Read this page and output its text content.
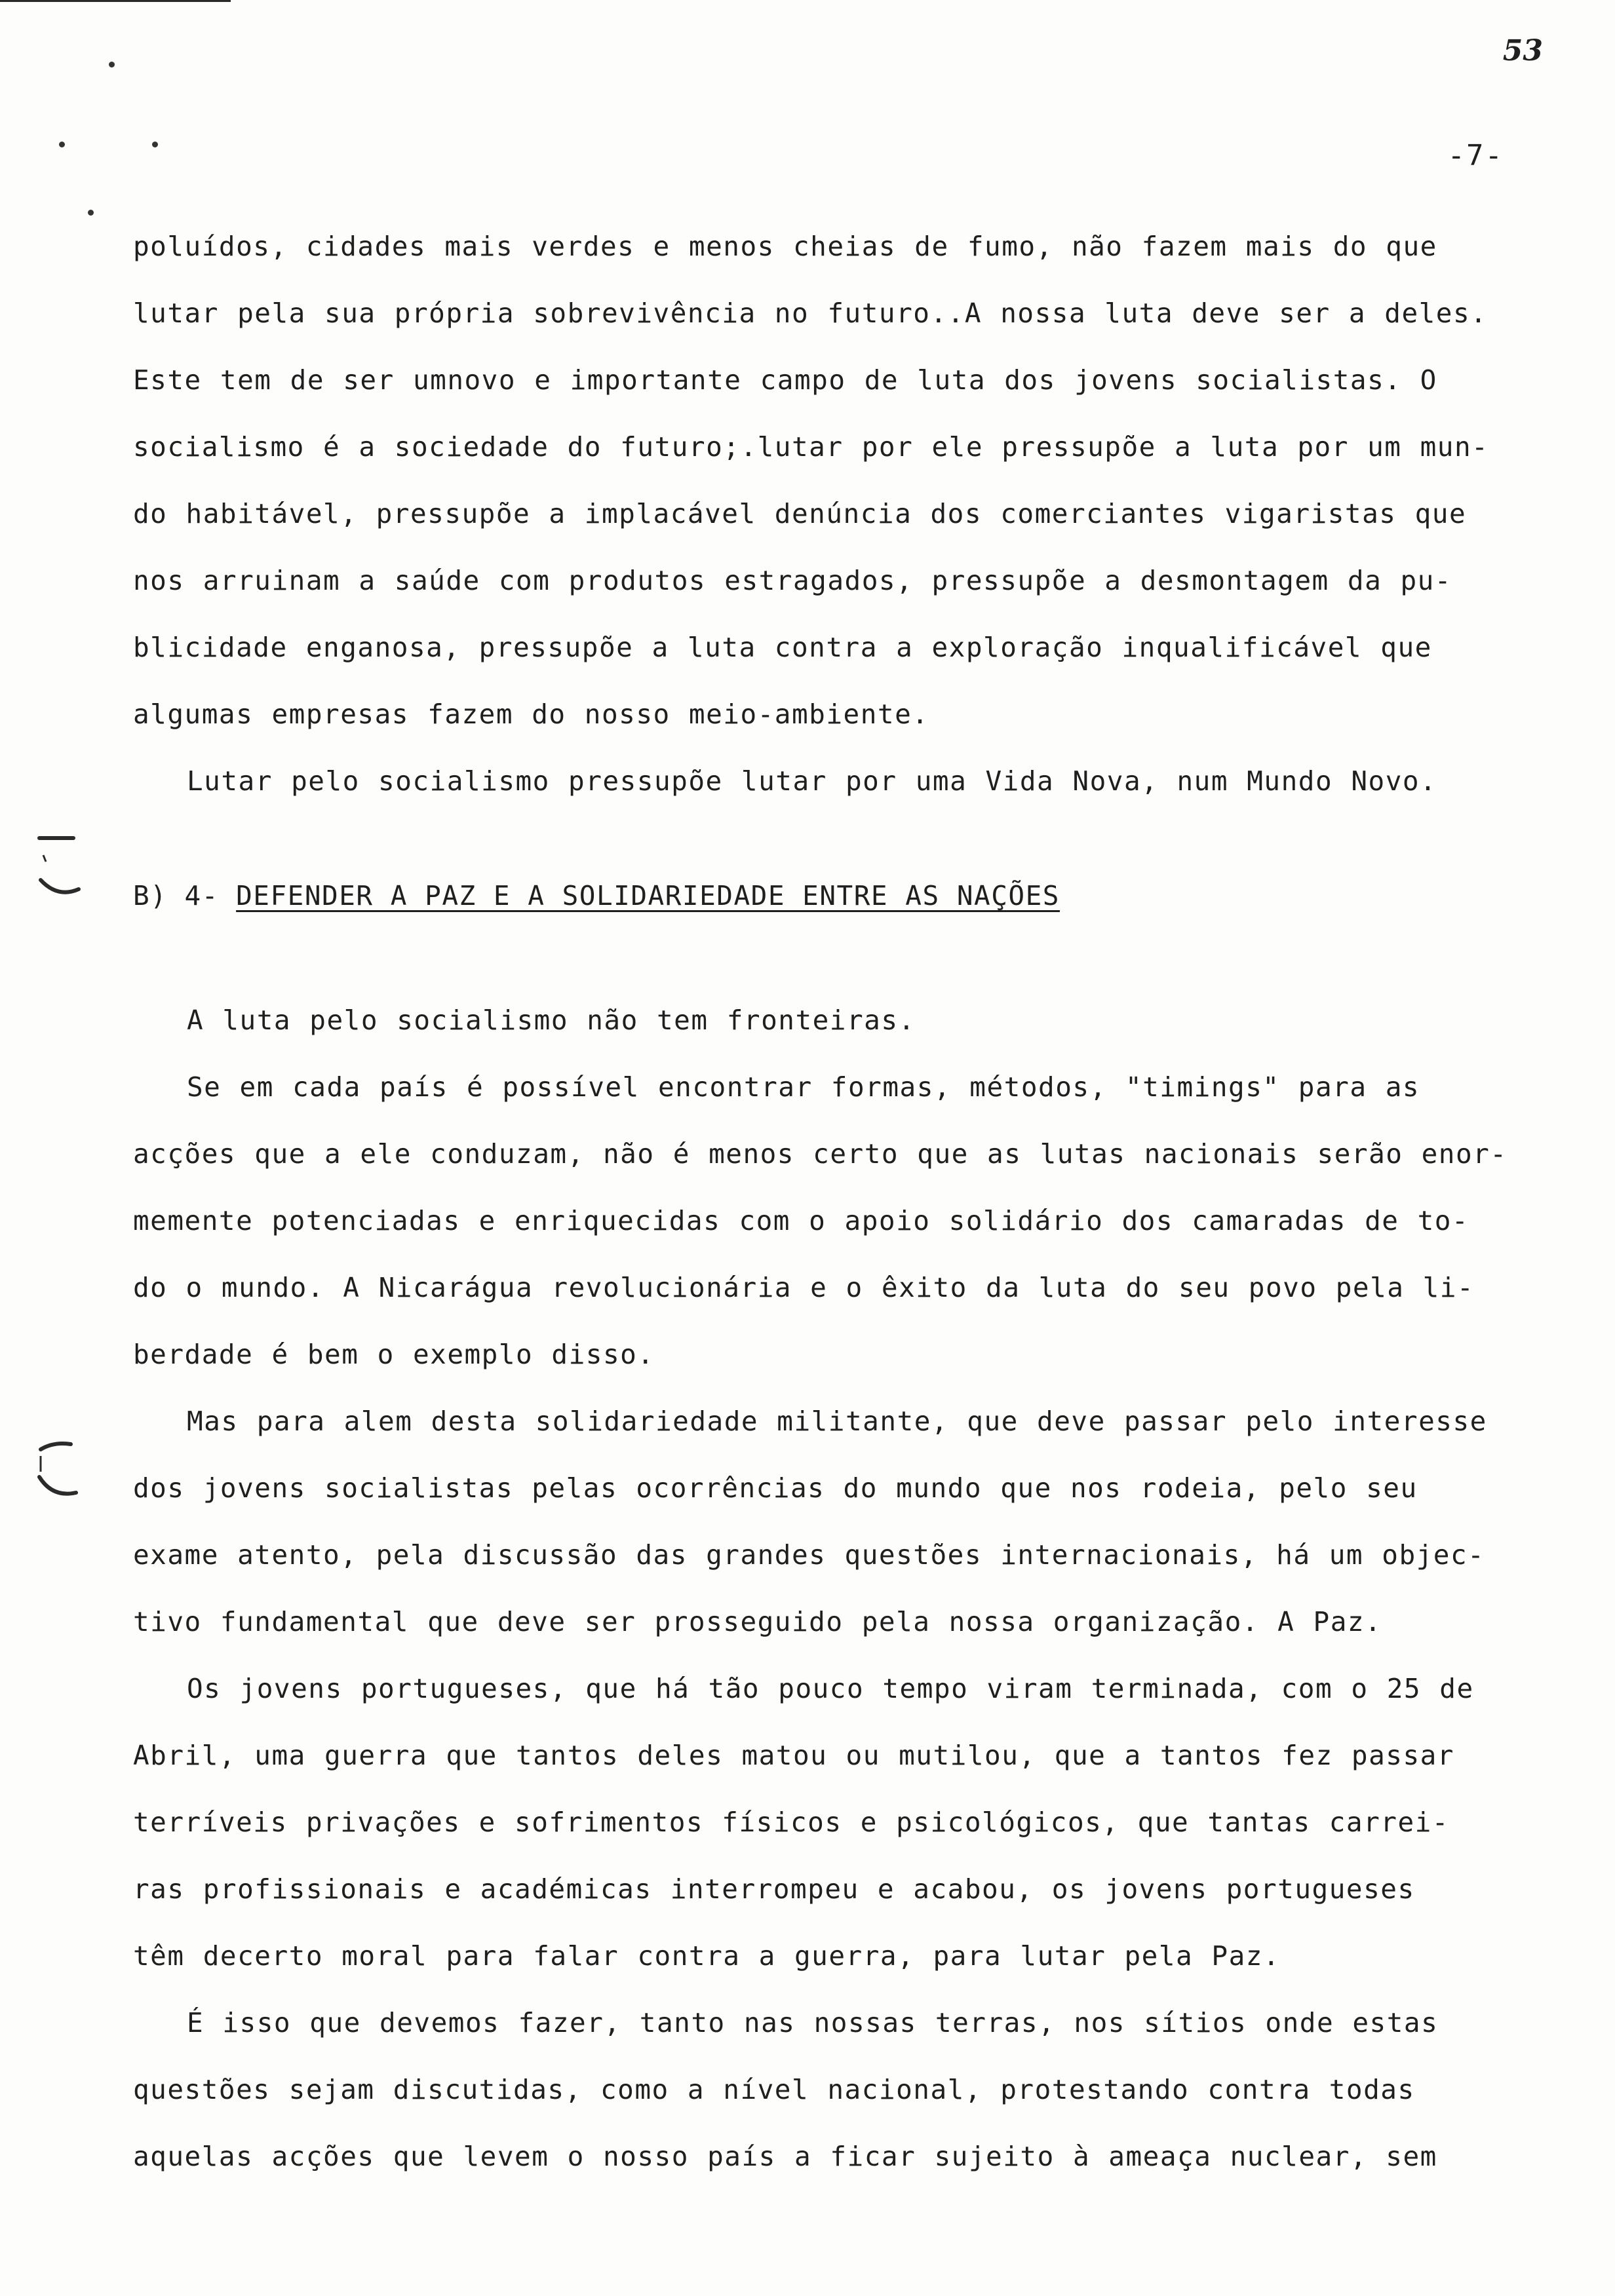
53
-7-
poluídos, cidades mais verdes e menos cheias de fumo, não fazem mais do que
lutar pela sua própria sobrevivência no futuro..A nossa luta deve ser a deles.
Este tem de ser umnovo e importante campo de luta dos jovens socialistas. O
socialismo é a sociedade do futuro;.lutar por ele pressupõe a luta por um mun-
do habitável, pressupõe a implacável denúncia dos comerciantes vigaristas que
nos arruinam a saúde com produtos estragados, pressupõe a desmontagem da pu-
blicidade enganosa, pressupõe a luta contra a exploração inqualificável que
algumas empresas fazem do nosso meio-ambiente.
Lutar pelo socialismo pressupõe lutar por uma Vida Nova, num Mundo Novo.
B) 4- DEFENDER A PAZ E A SOLIDARIEDADE ENTRE AS NAÇÕES
A luta pelo socialismo não tem fronteiras.
Se em cada país é possível encontrar formas, métodos, "timings" para as
acções que a ele conduzam, não é menos certo que as lutas nacionais serão enor-
memente potenciadas e enriquecidas com o apoio solidário dos camaradas de to-
do o mundo. A Nicarágua revolucionária e o êxito da luta do seu povo pela li-
berdade é bem o exemplo disso.
Mas para alem desta solidariedade militante, que deve passar pelo interesse
dos jovens socialistas pelas ocorrências do mundo que nos rodeia, pelo seu
exame atento, pela discussão das grandes questões internacionais, há um objec-
tivo fundamental que deve ser prosseguido pela nossa organização. A Paz.
Os jovens portugueses, que há tão pouco tempo viram terminada, com o 25 de
Abril, uma guerra que tantos deles matou ou mutilou, que a tantos fez passar
terríveis privações e sofrimentos físicos e psicológicos, que tantas carrei-
ras profissionais e académicas interrompeu e acabou, os jovens portugueses
têm decerto moral para falar contra a guerra, para lutar pela Paz.
É isso que devemos fazer, tanto nas nossas terras, nos sítios onde estas
questões sejam discutidas, como a nível nacional, protestando contra todas
aquelas acções que levem o nosso país a ficar sujeito à ameaça nuclear, sem
